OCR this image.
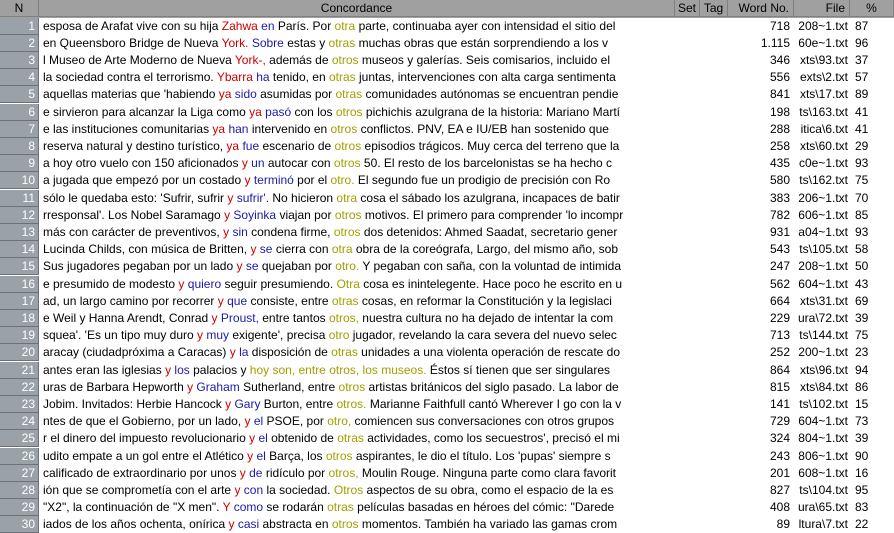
N	Concordance	Set Tag	Word No.	File	%
1 esposa de Arafat vive con su hija Zahwa en París. Por otra parte, continuaba ayer con intensidad el sitio del	718 208~1.txt 87
2 en Queensboro Bridge de Nueva York. Sobre estas y otras muchas obras que están sorprendiendo a los v	1.115 60e~1.txt 96
3 l Museo de Arte Moderno de Nueva York-, además de otros museos y galerías. Seis comisarios, incluido el	346 xts\93.txt 37
4 la sociedad contra el terrorismo. Ybarra ha tenido, en otras juntas, intervenciones con alta carga sentimenta	556 exts\2.txt 57
5 aquellas materias que 'habiendo ya sido asumidas por otras comunidades autónomas se encuentran pendie	841 xts\17.txt 89
6 e sirvieron para alcanzar la Liga como ya pasó con los otros pichichis azulgrana de la historia: Mariano Martí	198 ts\163.txt 41
7 e las instituciones comunitarias ya han intervenido en otros conflictos. PNV, EA e IU/EB han sostenido que	288 itica\6.txt 41
8 reserva natural y destino turístico, ya fue escenario de otros episodios trágicos. Muy cerca del terreno que la	258 xts\60.txt 29
9 a hoy otro vuelo con 150 aficionados y un autocar con otros 50. El resto de los barcelonistas se ha hecho c	435 c0e~1.txt 93
10 a jugada que empezó por un costado y terminó por el otro. El segundo fue un prodigio de precisión con Ro	580 ts\162.txt 75
11 sólo le quedaba esto: 'Sufrir, sufrir y sufrir'. No hicieron otra cosa el sábado los azulgrana, incapaces de batir	383 206~1.txt 70
12 rresponsal'. Los Nobel Saramago y Soyinka viajan por otros motivos. El primero para comprender 'lo incompr	782 606~1.txt 85
13 más con carácter de preventivos, y sin condena firme, otros dos detenidos: Ahmed Saadat, secretario gener	931 a04~1.txt 93
14 Lucinda Childs, con música de Britten, y se cierra con otra obra de la coreógrafa, Largo, del mismo año, sob	543 ts\105.txt 58
15 Sus jugadores pegaban por un lado y se quejaban por otro. Y pegaban con saña, con la voluntad de intimida	247 208~1.txt 50
16 e presumido de modesto y quiero seguir presumiendo. Otra cosa es inintelegente. Hace poco he escrito en u	562 604~1.txt 43
17 ad, un largo camino por recorrer y que consiste, entre otras cosas, en reformar la Constitución y la legislaci	664 xts\31.txt 69
18 e Weil y Hanna Arendt, Conrad y Proust, entre tantos otros, nuestra cultura no ha dejado de intentar la com	229 ura\72.txt 39
19 squea'. 'Es un tipo muy duro y muy exigente', precisa otro jugador, revelando la cara severa del nuevo selec	713 ts\144.txt 75
20 aracay (ciudadpróxima a Caracas) y la disposición de otras unidades a una violenta operación de rescate do	252 200~1.txt 23
21 antes eran las iglesias y los palacios y hoy son, entre otros, los museos. Éstos sí tienen que ser singulares	864 xts\96.txt 94
22 uras de Barbara Hepworth y Graham Sutherland, entre otros artistas británicos del siglo pasado. La labor de	815 xts\84.txt 86
23 Jobim. Invitados: Herbie Hancock y Gary Burton, entre otros. Marianne Faithfull cantó Wherever I go con la v	141 ts\102.txt 15
24 ntes de que el Gobierno, por un lado, y el PSOE, por otro, comiencen sus conversaciones con otros grupos	729 604~1.txt 73
25 r el dinero del impuesto revolucionario y el obtenido de otras actividades, como los secuestros', precisó el mi	324 804~1.txt 39
26 udito empate a un gol entre el Atlético y el Barça, los otros aspirantes, le dio el título. Los 'pupas' siempre s	243 806~1.txt 90
27 calificado de extraordinario por unos y de ridículo por otros, Moulin Rouge. Ninguna parte como clara favorit	201 608~1.txt 16
28 ión que se comprometía con el arte y con la sociedad. Otros aspectos de su obra, como el espacio de la es	827 ts\104.txt 95
29 "X2", la continuación de "X men". Y como se rodarán otras películas basadas en héroes del cómic: "Darede	408 ura\65.txt 83
30 iados de los años ochenta, onírica y casi abstracta en otros momentos. También ha variado las gamas crom	89 ltura\7.txt 22
